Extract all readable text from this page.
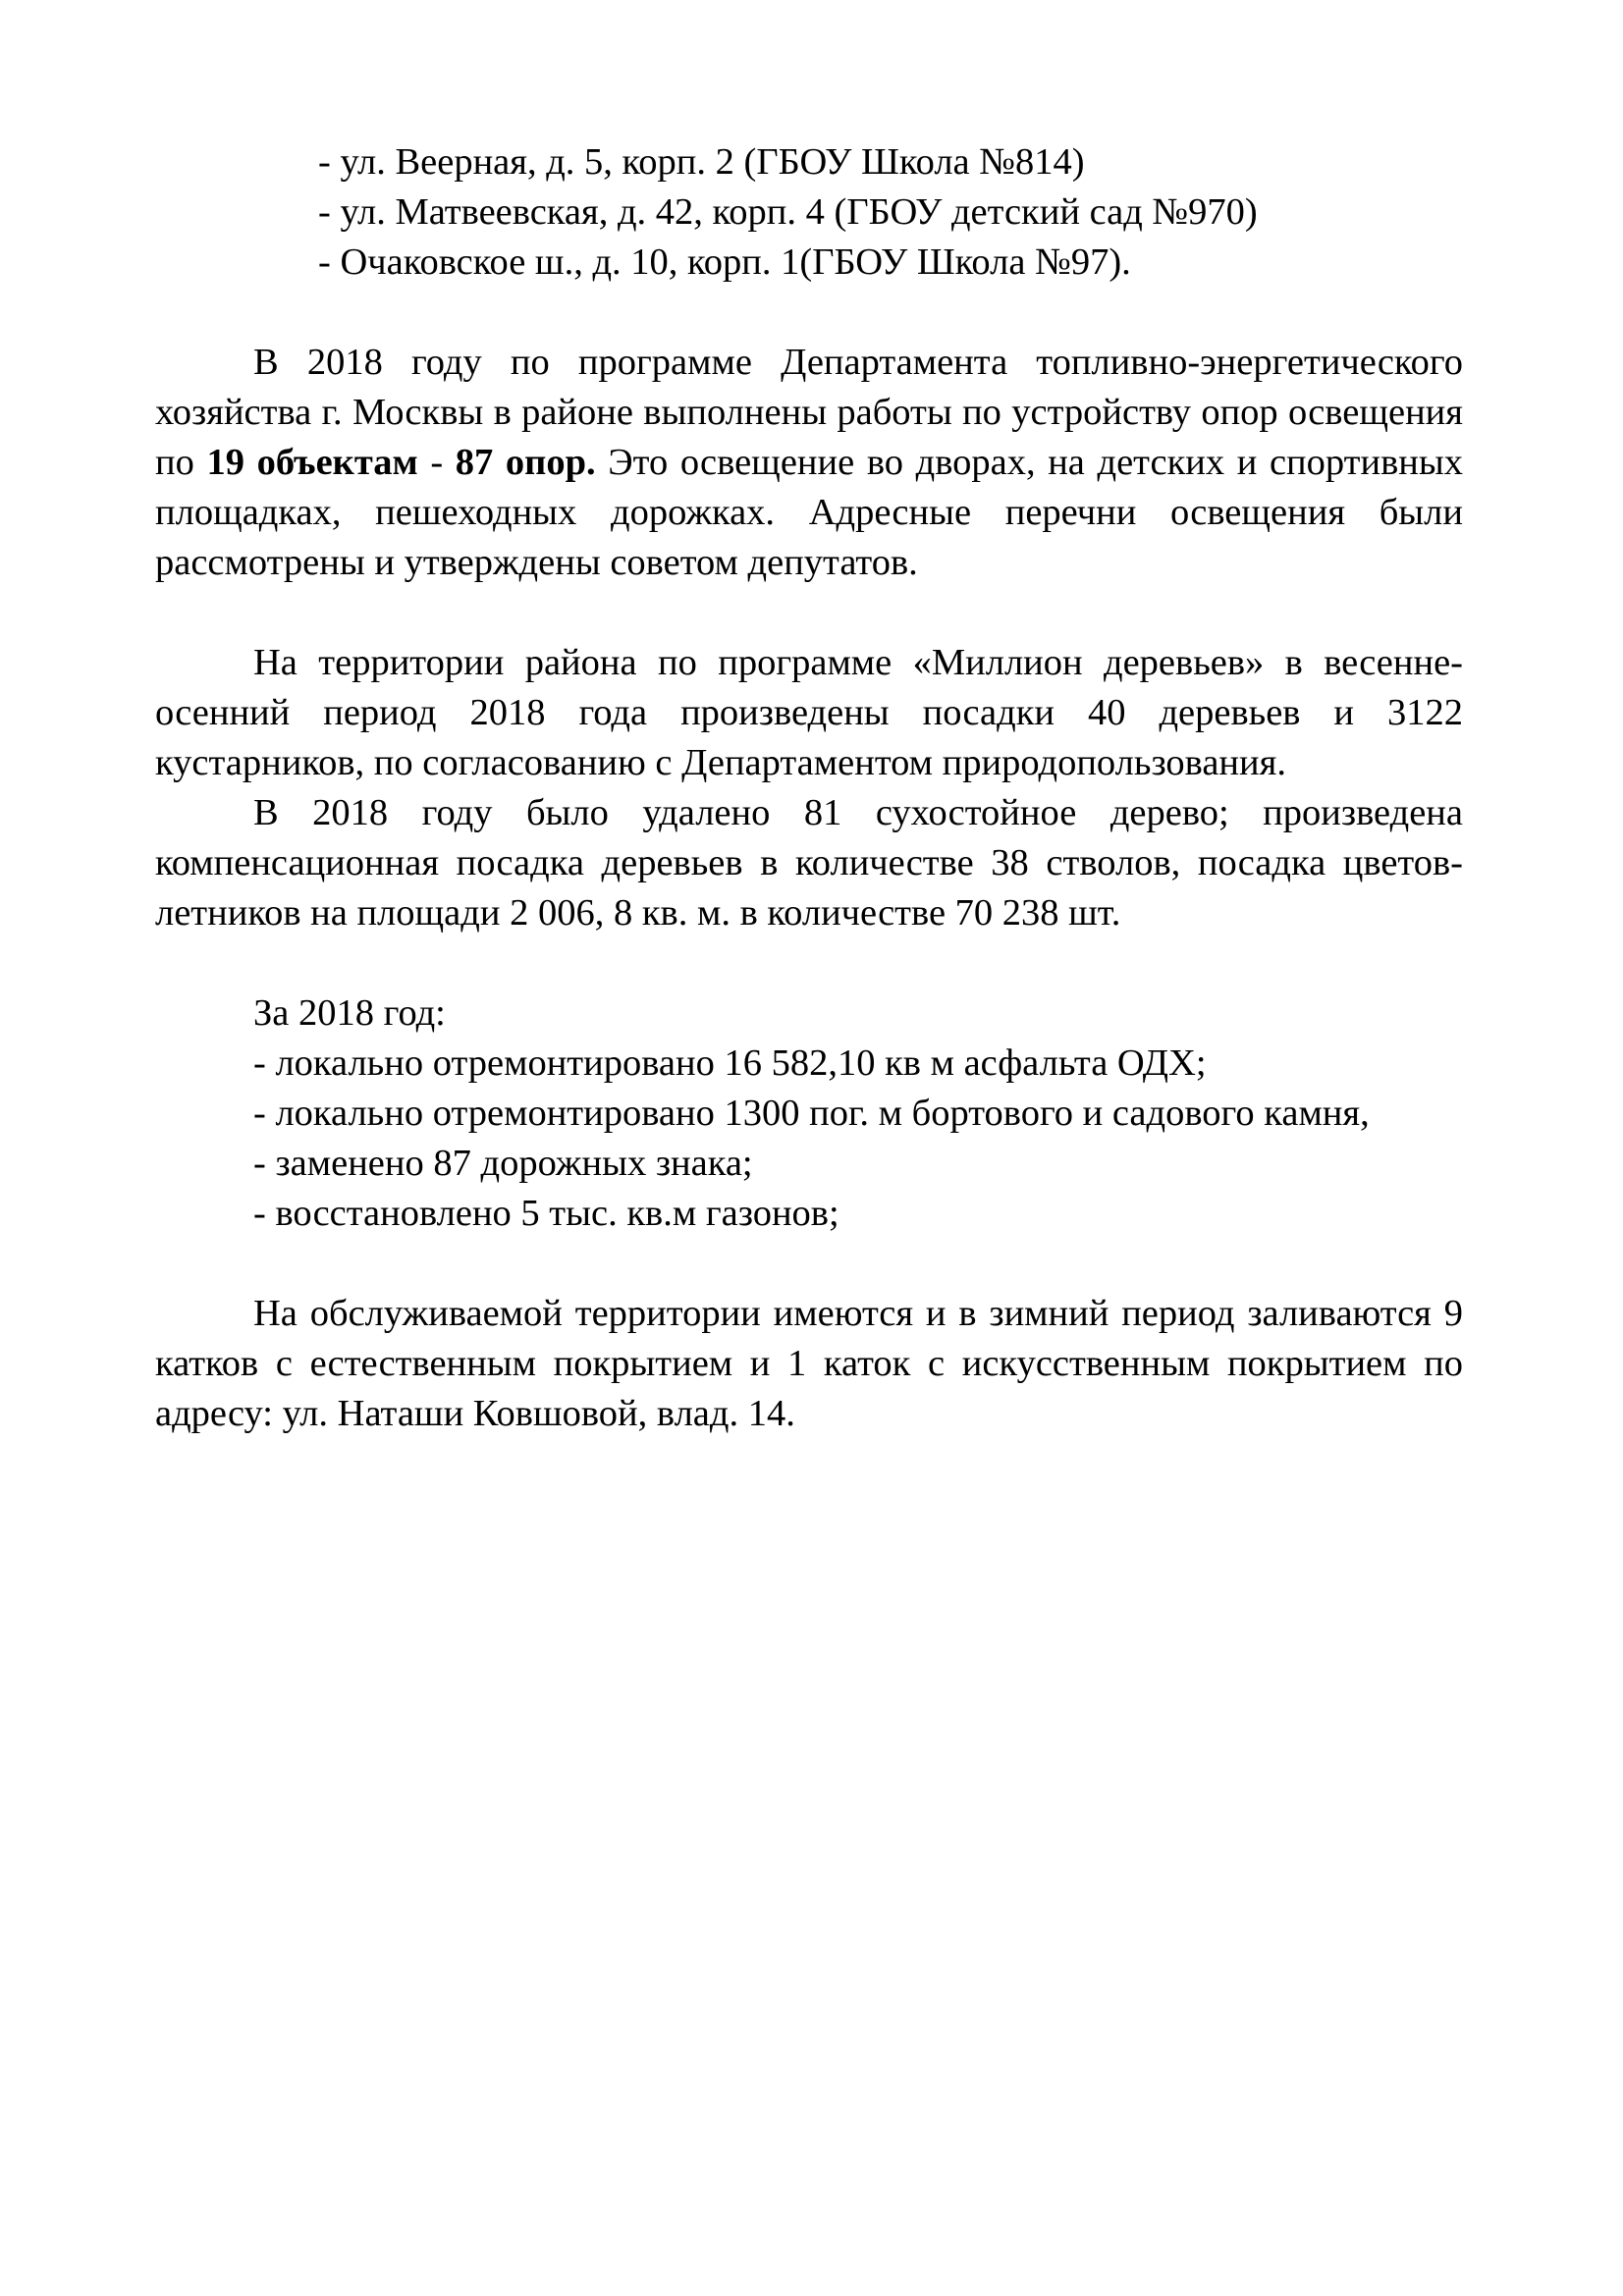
- ул. Веерная, д. 5, корп. 2 (ГБОУ Школа №814)
- ул. Матвеевская, д. 42, корп. 4 (ГБОУ детский сад №970)
- Очаковское ш., д. 10, корп. 1(ГБОУ Школа №97).

В 2018 году по программе Департамента топливно-энергетического хозяйства г. Москвы в районе выполнены работы по устройству опор освещения по 19 объектам - 87 опор. Это освещение во дворах, на детских и спортивных площадках, пешеходных дорожках. Адресные перечни освещения были рассмотрены и утверждены советом депутатов.

На территории района по программе «Миллион деревьев» в весенне-осенний период 2018 года произведены посадки 40 деревьев и 3122 кустарников, по согласованию с Департаментом природопользования.

В 2018 году было удалено 81 сухостойное дерево; произведена компенсационная посадка деревьев в количестве 38 стволов, посадка цветов-летников на площади 2 006, 8 кв. м. в количестве 70 238 шт.

За 2018 год:
- локально отремонтировано 16 582,10 кв м асфальта ОДХ;
- локально отремонтировано 1300 пог. м бортового и садового камня,
- заменено 87 дорожных знака;
- восстановлено 5 тыс. кв.м газонов;

На обслуживаемой территории имеются и в зимний период заливаются 9 катков с естественным покрытием и 1 каток с искусственным покрытием по адресу: ул. Наташи Ковшовой, влад. 14.
